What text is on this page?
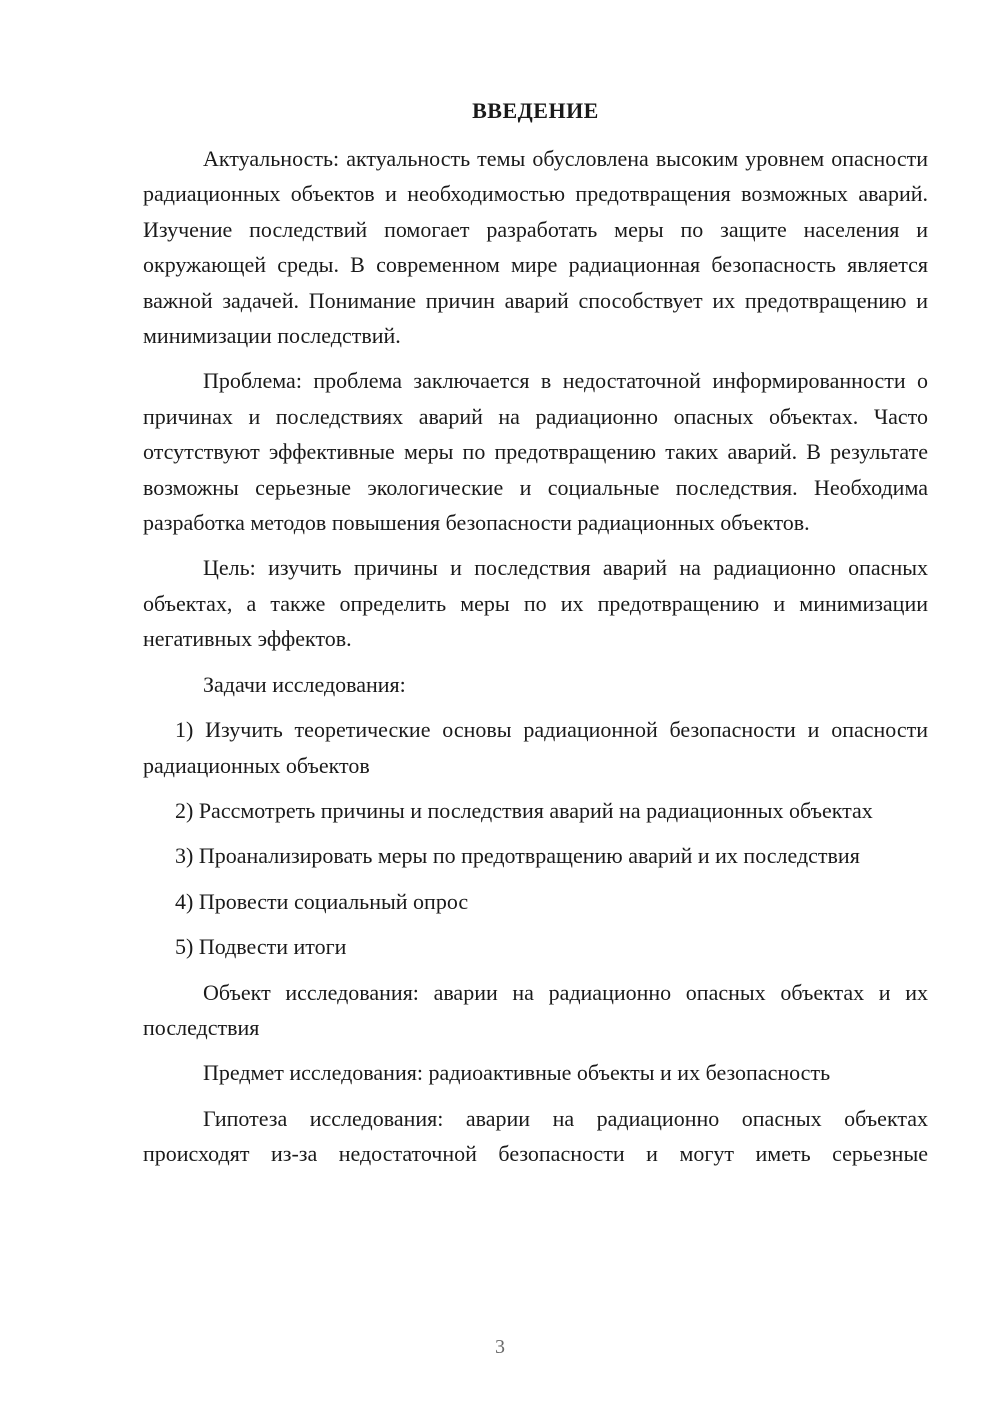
ВВЕДЕНИЕ

Актуальность: актуальность темы обусловлена высоким уровнем опасности радиационных объектов и необходимостью предотвращения возможных аварий. Изучение последствий помогает разработать меры по защите населения и окружающей среды. В современном мире радиационная безопасность является важной задачей. Понимание причин аварий способствует их предотвращению и минимизации последствий.

Проблема: проблема заключается в недостаточной информированности о причинах и последствиях аварий на радиационно опасных объектах. Часто отсутствуют эффективные меры по предотвращению таких аварий. В результате возможны серьезные экологические и социальные последствия. Необходима разработка методов повышения безопасности радиационных объектов.

Цель: изучить причины и последствия аварий на радиационно опасных объектах, а также определить меры по их предотвращению и минимизации негативных эффектов.

Задачи исследования:

1) Изучить теоретические основы радиационной безопасности и опасности радиационных объектов

2) Рассмотреть причины и последствия аварий на радиационных объектах

3) Проанализировать меры по предотвращению аварий и их последствия

4) Провести социальный опрос

5) Подвести итоги

Объект исследования: аварии на радиационно опасных объектах и их последствия

Предмет исследования: радиоактивные объекты и их безопасность

Гипотеза исследования: аварии на радиационно опасных объектах происходят из-за недостаточной безопасности и могут иметь серьезные

3
